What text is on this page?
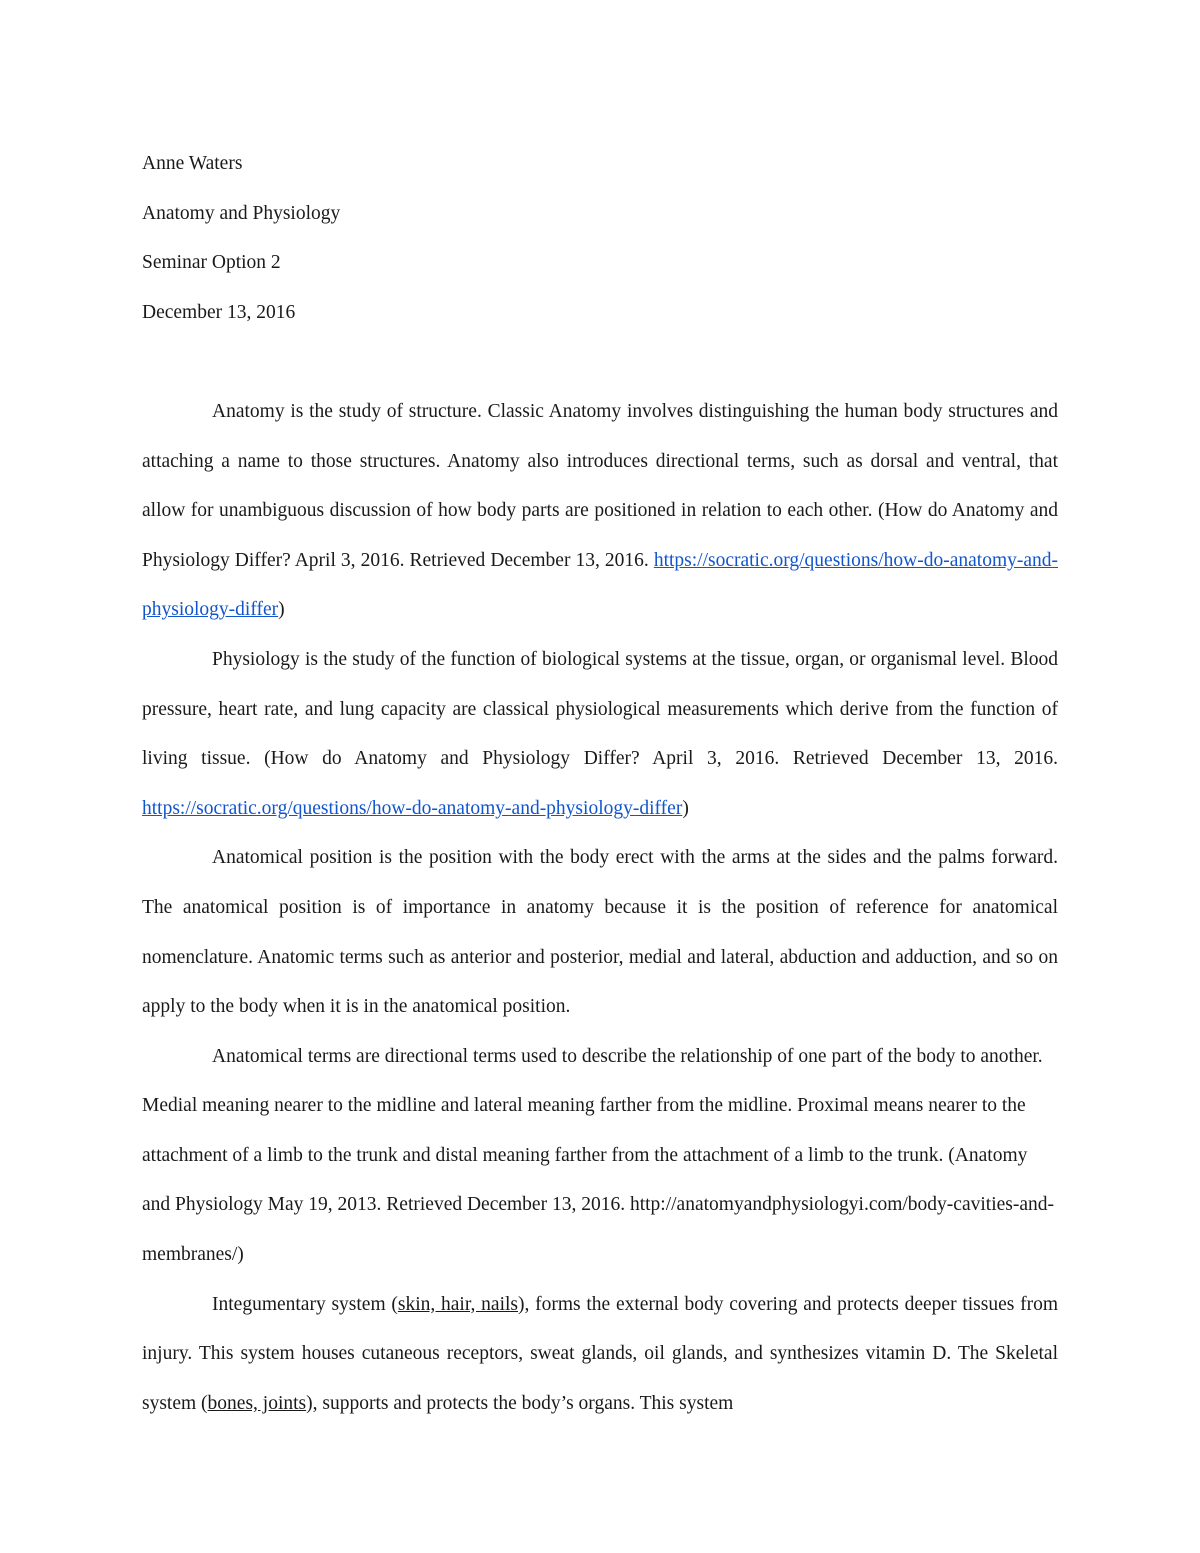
Anne Waters
Anatomy and Physiology
Seminar Option 2
December 13, 2016

Anatomy is the study of structure. Classic Anatomy involves distinguishing the human body structures and attaching a name to those structures. Anatomy also introduces directional terms, such as dorsal and ventral, that allow for unambiguous discussion of how body parts are positioned in relation to each other. (How do Anatomy and Physiology Differ? April 3, 2016. Retrieved December 13, 2016. https://socratic.org/questions/how-do-anatomy-and-physiology-differ)

Physiology is the study of the function of biological systems at the tissue, organ, or organismal level. Blood pressure, heart rate, and lung capacity are classical physiological measurements which derive from the function of living tissue. (How do Anatomy and Physiology Differ? April 3, 2016. Retrieved December 13, 2016. https://socratic.org/questions/how-do-anatomy-and-physiology-differ)

Anatomical position is the position with the body erect with the arms at the sides and the palms forward. The anatomical position is of importance in anatomy because it is the position of reference for anatomical nomenclature. Anatomic terms such as anterior and posterior, medial and lateral, abduction and adduction, and so on apply to the body when it is in the anatomical position.

Anatomical terms are directional terms used to describe the relationship of one part of the body to another. Medial meaning nearer to the midline and lateral meaning farther from the midline. Proximal means nearer to the attachment of a limb to the trunk and distal meaning farther from the attachment of a limb to the trunk. (Anatomy and Physiology May 19, 2013. Retrieved December 13, 2016. http://anatomyandphysiologyi.com/body-cavities-and-membranes/)

Integumentary system (skin, hair, nails), forms the external body covering and protects deeper tissues from injury. This system houses cutaneous receptors, sweat glands, oil glands, and synthesizes vitamin D. The Skeletal system (bones, joints), supports and protects the body’s organs. This system
